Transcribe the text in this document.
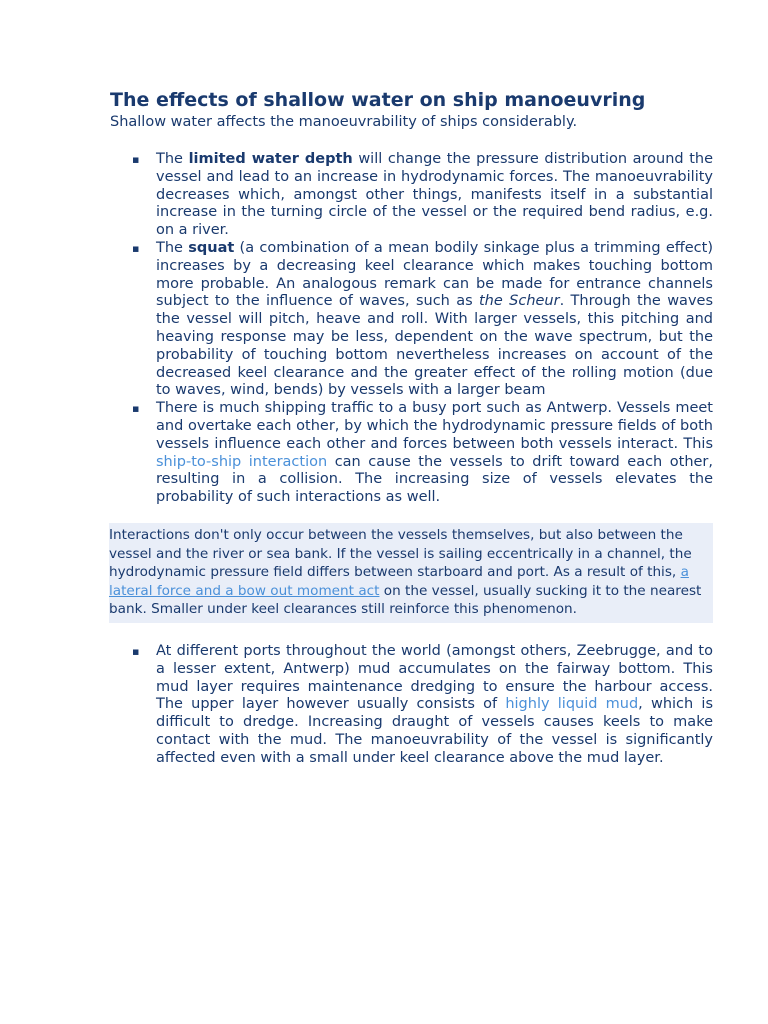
The effects of shallow water on ship manoeuvring

Shallow water affects the manoeuvrability of ships considerably.

▪ The limited water depth will change the pressure distribution around the vessel and lead to an increase in hydrodynamic forces. The manoeuvrability decreases which, amongst other things, manifests itself in a substantial increase in the turning circle of the vessel or the required bend radius, e.g. on a river.
▪ The squat (a combination of a mean bodily sinkage plus a trimming effect) increases by a decreasing keel clearance which makes touching bottom more probable. An analogous remark can be made for entrance channels subject to the influence of waves, such as the Scheur. Through the waves the vessel will pitch, heave and roll. With larger vessels, this pitching and heaving response may be less, dependent on the wave spectrum, but the probability of touching bottom nevertheless increases on account of the decreased keel clearance and the greater effect of the rolling motion (due to waves, wind, bends) by vessels with a larger beam
▪ There is much shipping traffic to a busy port such as Antwerp. Vessels meet and overtake each other, by which the hydrodynamic pressure fields of both vessels influence each other and forces between both vessels interact. This ship-to-ship interaction can cause the vessels to drift toward each other, resulting in a collision. The increasing size of vessels elevates the probability of such interactions as well.
Interactions don't only occur between the vessels themselves, but also between the vessel and the river or sea bank. If the vessel is sailing eccentrically in a channel, the hydrodynamic pressure field differs between starboard and port. As a result of this, a lateral force and a bow out moment act on the vessel, usually sucking it to the nearest bank. Smaller under keel clearances still reinforce this phenomenon.
▪ At different ports throughout the world (amongst others, Zeebrugge, and to a lesser extent, Antwerp) mud accumulates on the fairway bottom. This mud layer requires maintenance dredging to ensure the harbour access. The upper layer however usually consists of highly liquid mud, which is difficult to dredge. Increasing draught of vessels causes keels to make contact with the mud. The manoeuvrability of the vessel is significantly affected even with a small under keel clearance above the mud layer.
